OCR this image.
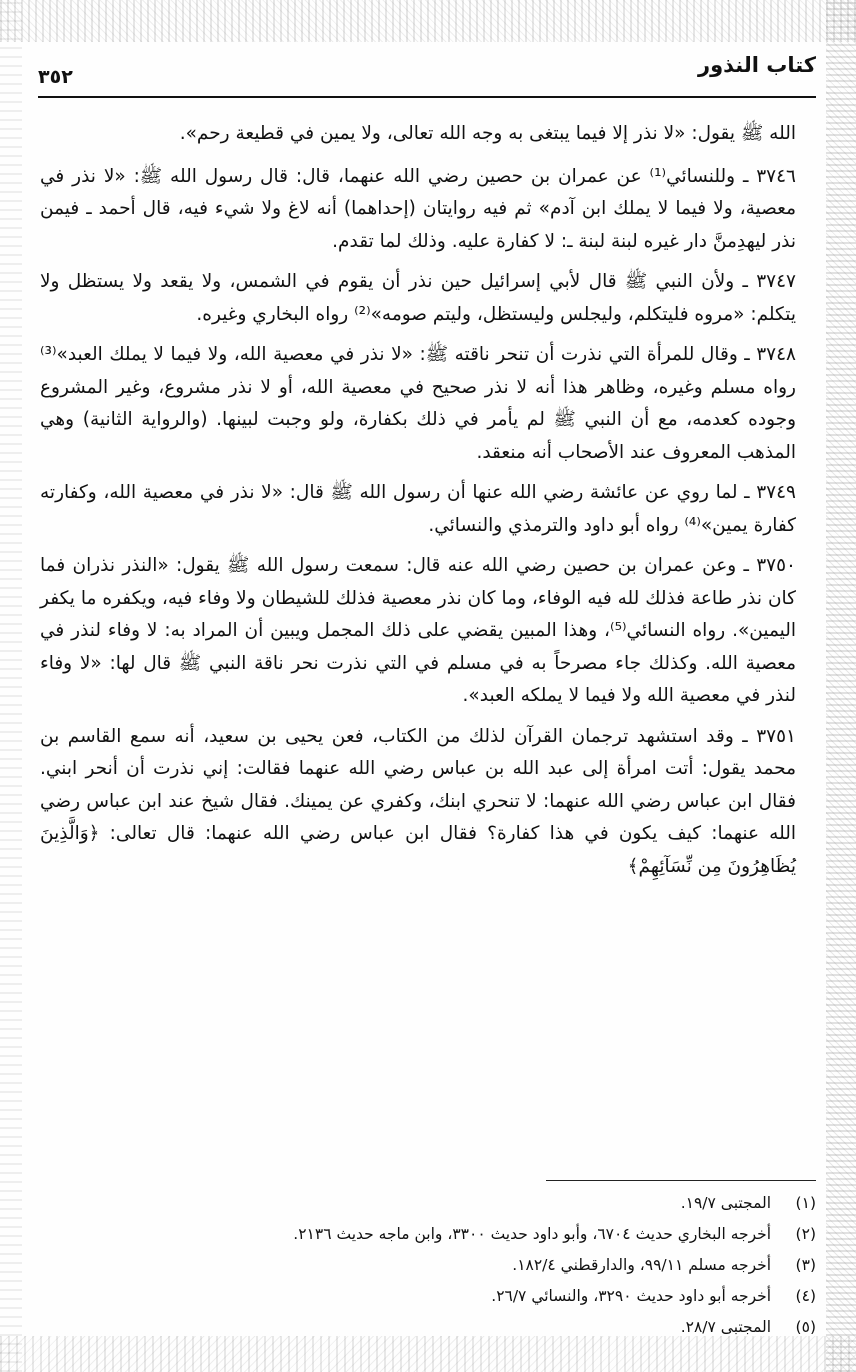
كتاب النذور
٣٥٢

الله ﷺ يقول: «لا نذر إلا فيما يبتغى به وجه الله تعالى، ولا يمين في قطيعة رحم».

٣٧٤٦ ـ وللنسائي⁽¹⁾ عن عمران بن حصين رضي الله عنهما، قال: قال رسول الله ﷺ: «لا نذر في معصية، ولا فيما لا يملك ابن آدم» ثم فيه روايتان (إحداهما) أنه لاغ ولا شيء فيه، قال أحمد ـ فيمن نذر ليهدِمنَّ دار غيره لبنة لبنة ـ: لا كفارة عليه. وذلك لما تقدم.

٣٧٤٧ ـ ولأن النبي ﷺ قال لأبي إسرائيل حين نذر أن يقوم في الشمس، ولا يقعد ولا يستظل ولا يتكلم: «مروه فليتكلم، وليجلس وليستظل، وليتم صومه»⁽²⁾ رواه البخاري وغيره.

٣٧٤٨ ـ وقال للمرأة التي نذرت أن تنحر ناقته ﷺ: «لا نذر في معصية الله، ولا فيما لا يملك العبد»⁽³⁾ رواه مسلم وغيره، وظاهر هذا أنه لا نذر صحيح في معصية الله، أو لا نذر مشروع، وغير المشروع وجوده كعدمه، مع أن النبي ﷺ لم يأمر في ذلك بكفارة، ولو وجبت لبينها. (والرواية الثانية) وهي المذهب المعروف عند الأصحاب أنه منعقد.

٣٧٤٩ ـ لما روي عن عائشة رضي الله عنها أن رسول الله ﷺ قال: «لا نذر في معصية الله، وكفارته كفارة يمين»⁽⁴⁾ رواه أبو داود والترمذي والنسائي.

٣٧٥٠ ـ وعن عمران بن حصين رضي الله عنه قال: سمعت رسول الله ﷺ يقول: «النذر نذران فما كان نذر طاعة فذلك لله فيه الوفاء، وما كان نذر معصية فذلك للشيطان ولا وفاء فيه، ويكفره ما يكفر اليمين». رواه النسائي⁽⁵⁾، وهذا المبين يقضي على ذلك المجمل ويبين أن المراد به: لا وفاء لنذر في معصية الله. وكذلك جاء مصرحاً به في مسلم في التي نذرت نحر ناقة النبي ﷺ قال لها: «لا وفاء لنذر في معصية الله ولا فيما لا يملكه العبد».

٣٧٥١ ـ وقد استشهد ترجمان القرآن لذلك من الكتاب، فعن يحيى بن سعيد، أنه سمع القاسم بن محمد يقول: أتت امرأة إلى عبد الله بن عباس رضي الله عنهما فقالت: إني نذرت أن أنحر ابني. فقال ابن عباس رضي الله عنهما: لا تنحري ابنك، وكفري عن يمينك. فقال شيخ عند ابن عباس رضي الله عنهما: كيف يكون في هذا كفارة؟ فقال ابن عباس رضي الله عنهما: قال تعالى: ﴿وَالَّذِينَ يُظَاهِرُونَ مِن نِّسَآئِهِمْ﴾

(١) المجتبى ١٩/٧.
(٢) أخرجه البخاري حديث ٦٧٠٤، وأبو داود حديث ٣٣٠٠، وابن ماجه حديث ٢١٣٦.
(٣) أخرجه مسلم ٩٩/١١، والدارقطني ١٨٢/٤.
(٤) أخرجه أبو داود حديث ٣٢٩٠، والنسائي ٢٦/٧.
(٥) المجتبى ٢٨/٧.
